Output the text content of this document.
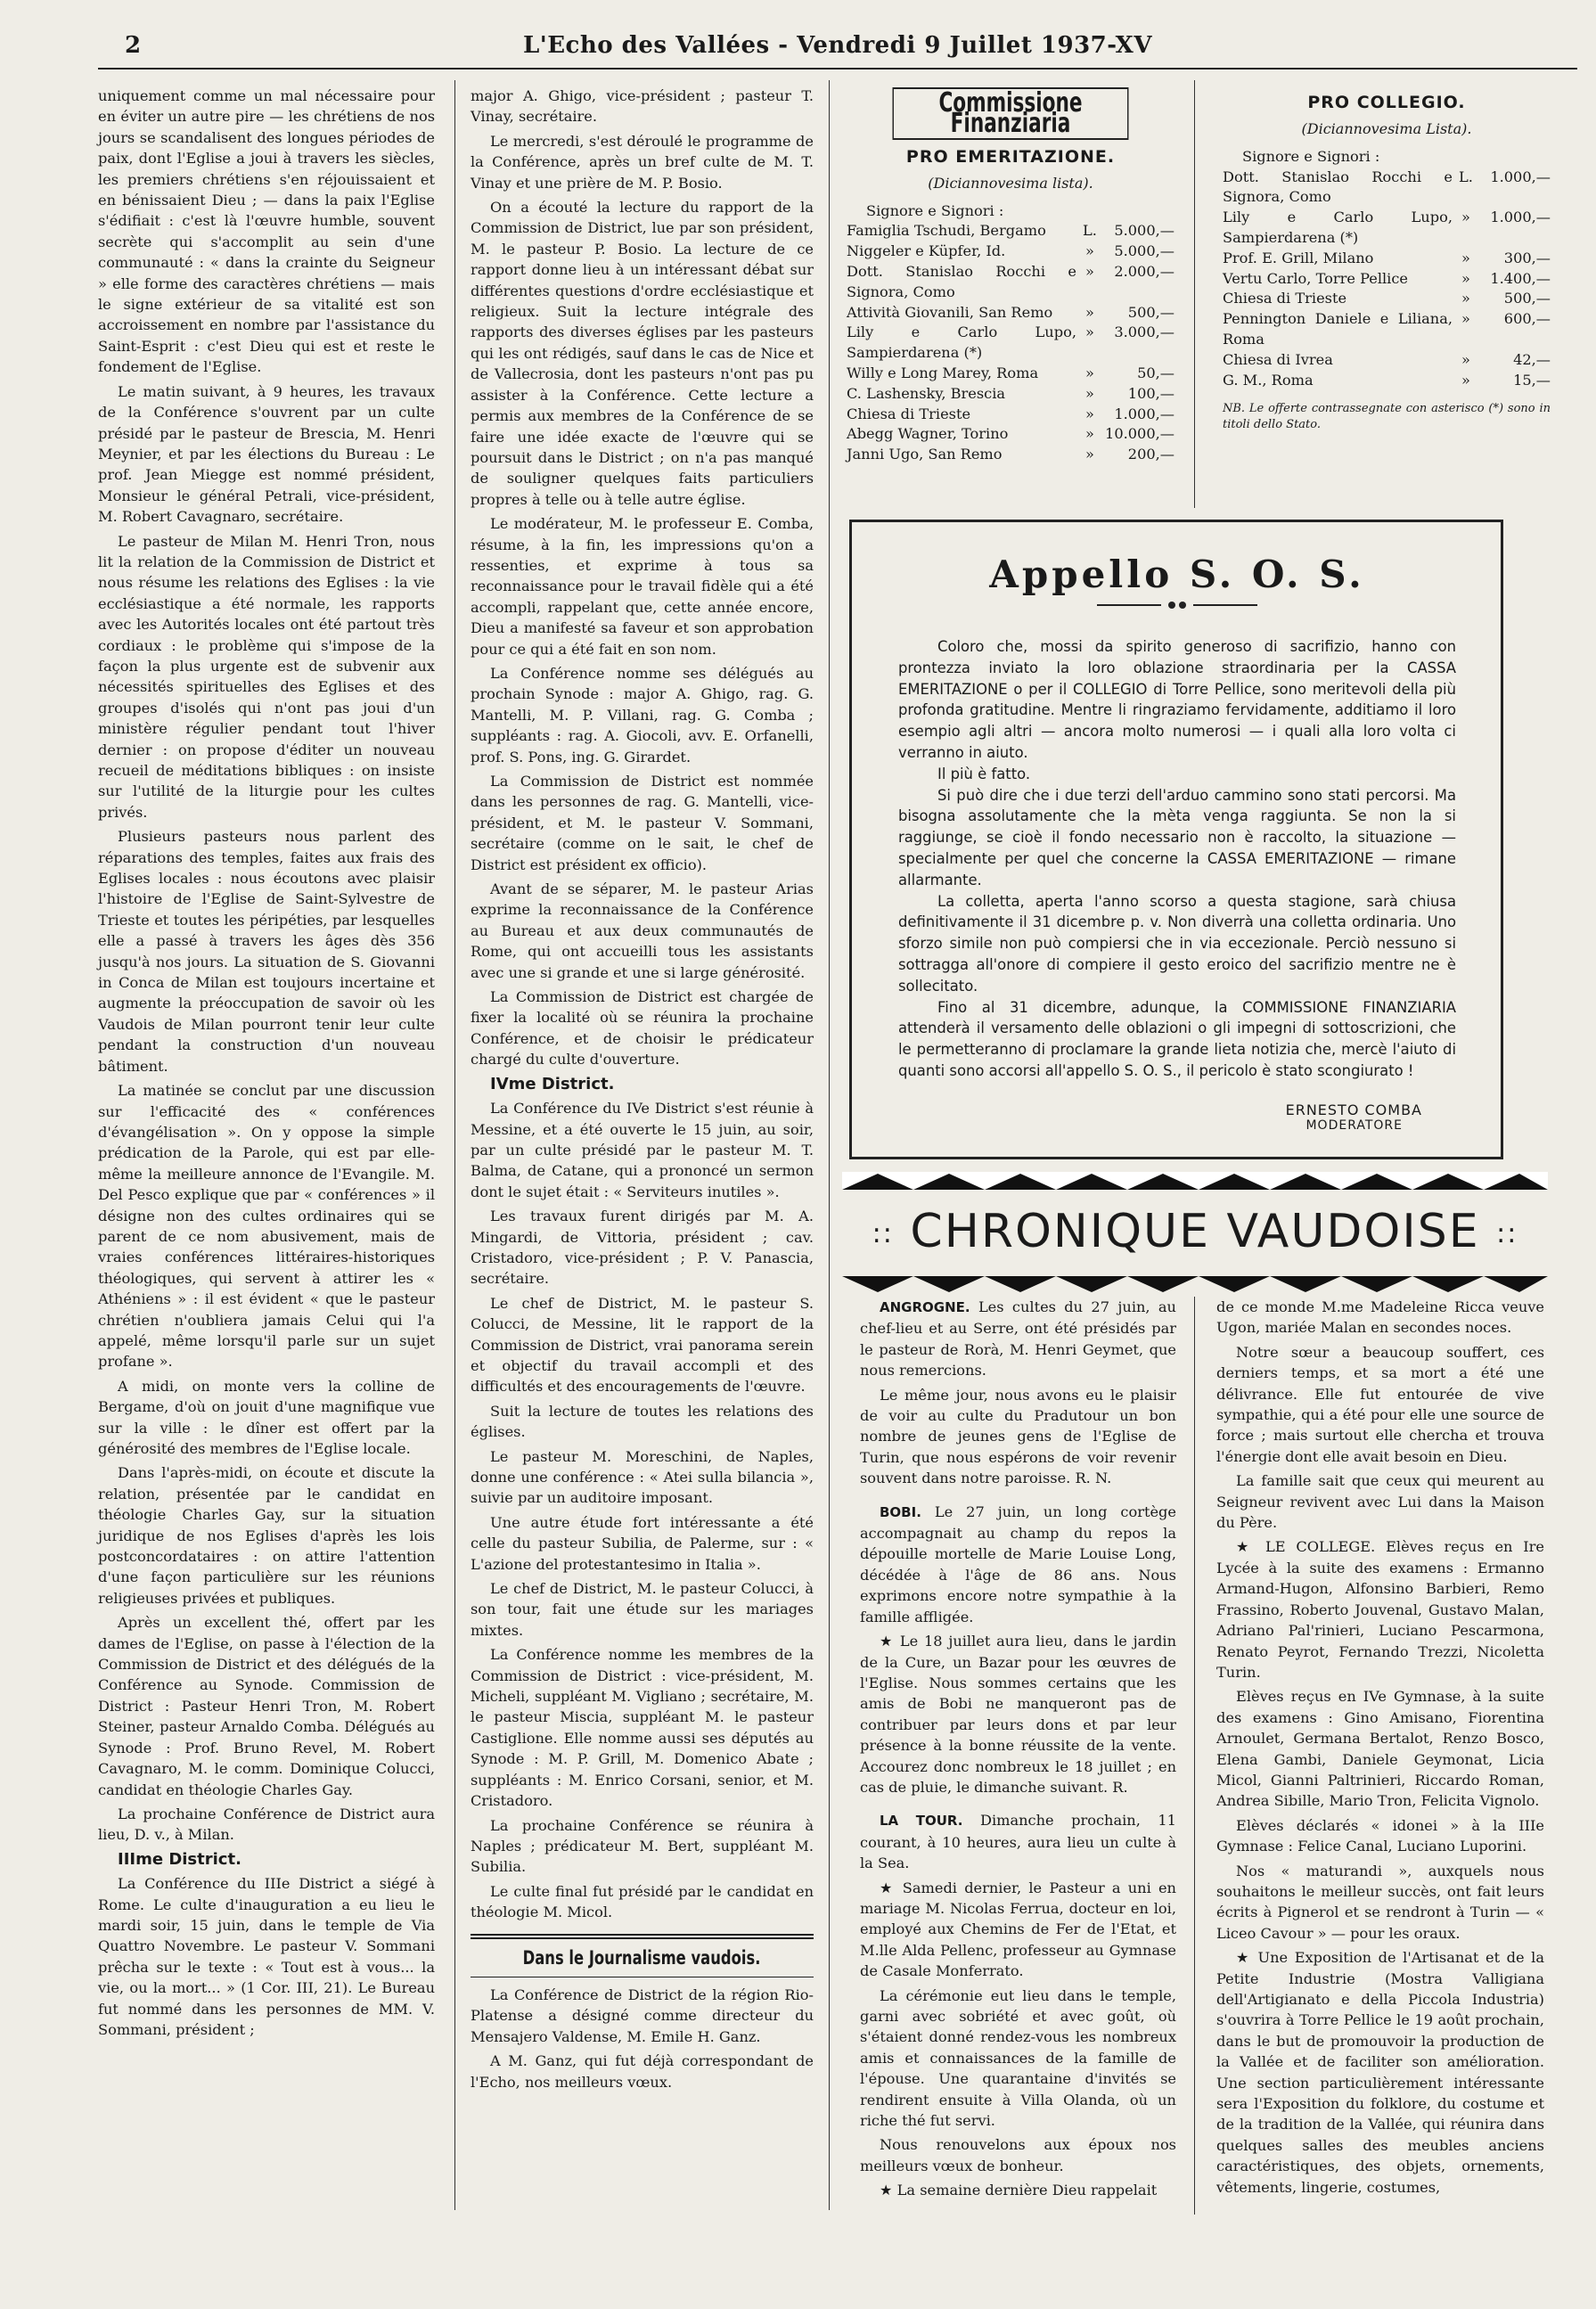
2	L'Echo des Vallées - Vendredi 9 Juillet 1937-XV

uniquement comme un mal nécessaire pour en éviter un autre pire — les chrétiens de nos jours se scandalisent des longues périodes de paix, dont l'Eglise a joui à travers les siècles, les premiers chrétiens s'en réjouissaient et en bénissaient Dieu ; — dans la paix l'Eglise s'édifiait : c'est là l'œuvre humble, souvent secrète qui s'accomplit au sein d'une communauté : « dans la crainte du Seigneur » elle forme des caractères chrétiens — mais le signe extérieur de sa vitalité est son accroissement en nombre par l'assistance du Saint-Esprit : c'est Dieu qui est et reste le fondement de l'Eglise.

Le matin suivant, à 9 heures, les travaux de la Conférence s'ouvrent par un culte présidé par le pasteur de Brescia, M. Henri Meynier, et par les élections du Bureau : Le prof. Jean Miegge est nommé président, Monsieur le général Petrali, vice-président, M. Robert Cavagnaro, secrétaire.

Le pasteur de Milan M. Henri Tron, nous lit la relation de la Commission de District et nous résume les relations des Eglises : la vie ecclésiastique a été normale, les rapports avec les Autorités locales ont été partout très cordiaux : le problème qui s'impose de la façon la plus urgente est de subvenir aux nécessités spirituelles des Eglises et des groupes d'isolés qui n'ont pas joui d'un ministère régulier pendant tout l'hiver dernier : on propose d'éditer un nouveau recueil de méditations bibliques : on insiste sur l'utilité de la liturgie pour les cultes privés.

Plusieurs pasteurs nous parlent des réparations des temples, faites aux frais des Eglises locales : nous écoutons avec plaisir l'histoire de l'Eglise de Saint-Sylvestre de Trieste et toutes les péripéties, par lesquelles elle a passé à travers les âges dès 356 jusqu'à nos jours. La situation de S. Giovanni in Conca de Milan est toujours incertaine et augmente la préoccupation de savoir où les Vaudois de Milan pourront tenir leur culte pendant la construction d'un nouveau bâtiment.

La matinée se conclut par une discussion sur l'efficacité des « conférences d'évangélisation ». On y oppose la simple prédication de la Parole, qui est par elle-même la meilleure annonce de l'Evangile. M. Del Pesco explique que par « conférences » il désigne non des cultes ordinaires qui se parent de ce nom abusivement, mais de vraies conférences littéraires-historiques théologiques, qui servent à attirer les « Athéniens » : il est évident « que le pasteur chrétien n'oubliera jamais Celui qui l'a appelé, même lorsqu'il parle sur un sujet profane ».

A midi, on monte vers la colline de Bergame, d'où on jouit d'une magnifique vue sur la ville : le dîner est offert par la générosité des membres de l'Eglise locale.

Dans l'après-midi, on écoute et discute la relation, présentée par le candidat en théologie Charles Gay, sur la situation juridique de nos Eglises d'après les lois postconcordataires : on attire l'attention d'une façon particulière sur les réunions religieuses privées et publiques.

Après un excellent thé, offert par les dames de l'Eglise, on passe à l'élection de la Commission de District et des délégués de la Conférence au Synode. Commission de District : Pasteur Henri Tron, M. Robert Steiner, pasteur Arnaldo Comba. Délégués au Synode : Prof. Bruno Revel, M. Robert Cavagnaro, M. le comm. Dominique Colucci, candidat en théologie Charles Gay.

La prochaine Conférence de District aura lieu, D. v., à Milan.

IIIme District.

La Conférence du IIIe District a siégé à Rome. Le culte d'inauguration a eu lieu le mardi soir, 15 juin, dans le temple de Via Quattro Novembre. Le pasteur V. Sommani prêcha sur le texte : « Tout est à vous... la vie, ou la mort... » (1 Cor. III, 21). Le Bureau fut nommé dans les personnes de MM. V. Sommani, président ;

major A. Ghigo, vice-président ; pasteur T. Vinay, secrétaire.

Le mercredi, s'est déroulé le programme de la Conférence, après un bref culte de M. T. Vinay et une prière de M. P. Bosio.

On a écouté la lecture du rapport de la Commission de District, lue par son président, M. le pasteur P. Bosio. La lecture de ce rapport donne lieu à un intéressant débat sur différentes questions d'ordre ecclésiastique et religieux. Suit la lecture intégrale des rapports des diverses églises par les pasteurs qui les ont rédigés, sauf dans le cas de Nice et de Vallecrosia, dont les pasteurs n'ont pas pu assister à la Conférence. Cette lecture a permis aux membres de la Conférence de se faire une idée exacte de l'œuvre qui se poursuit dans le District ; on n'a pas manqué de souligner quelques faits particuliers propres à telle ou à telle autre église.

Le modérateur, M. le professeur E. Comba, résume, à la fin, les impressions qu'on a ressenties, et exprime à tous sa reconnaissance pour le travail fidèle qui a été accompli, rappelant que, cette année encore, Dieu a manifesté sa faveur et son approbation pour ce qui a été fait en son nom.

La Conférence nomme ses délégués au prochain Synode : major A. Ghigo, rag. G. Mantelli, M. P. Villani, rag. G. Comba ; suppléants : rag. A. Giocoli, avv. E. Orfanelli, prof. S. Pons, ing. G. Girardet.

La Commission de District est nommée dans les personnes de rag. G. Mantelli, vice-président, et M. le pasteur V. Sommani, secrétaire (comme on le sait, le chef de District est président ex officio).

Avant de se séparer, M. le pasteur Arias exprime la reconnaissance de la Conférence au Bureau et aux deux communautés de Rome, qui ont accueilli tous les assistants avec une si grande et une si large générosité.

La Commission de District est chargée de fixer la localité où se réunira la prochaine Conférence, et de choisir le prédicateur chargé du culte d'ouverture.

IVme District.

La Conférence du IVe District s'est réunie à Messine, et a été ouverte le 15 juin, au soir, par un culte présidé par le pasteur M. T. Balma, de Catane, qui a prononcé un sermon dont le sujet était : « Serviteurs inutiles ».

Les travaux furent dirigés par M. A. Mingardi, de Vittoria, président ; cav. Cristadoro, vice-président ; P. V. Panascia, secrétaire.

Le chef de District, M. le pasteur S. Colucci, de Messine, lit le rapport de la Commission de District, vrai panorama serein et objectif du travail accompli et des difficultés et des encouragements de l'œuvre.

Suit la lecture de toutes les relations des églises.

Le pasteur M. Moreschini, de Naples, donne une conférence : « Atei sulla bilancia », suivie par un auditoire imposant.

Une autre étude fort intéressante a été celle du pasteur Subilia, de Palerme, sur : « L'azione del protestantesimo in Italia ».

Le chef de District, M. le pasteur Colucci, à son tour, fait une étude sur les mariages mixtes.

La Conférence nomme les membres de la Commission de District : vice-président, M. Micheli, suppléant M. Vigliano ; secrétaire, M. le pasteur Miscia, suppléant M. le pasteur Castiglione. Elle nomme aussi ses députés au Synode : M. P. Grill, M. Domenico Abate ; suppléants : M. Enrico Corsani, senior, et M. Cristadoro.

La prochaine Conférence se réunira à Naples ; prédicateur M. Bert, suppléant M. Subilia.

Le culte final fut présidé par le candidat en théologie M. Micol.

Dans le Journalisme vaudois.

La Conférence de District de la région Rio-Platense a désigné comme directeur du Mensajero Valdense, M. Emile H. Ganz.

A M. Ganz, qui fut déjà correspondant de l'Echo, nos meilleurs vœux.

Commissione Finanziaria
PRO EMERITAZIONE.
(Diciannovesima lista).
Signore e Signori :
Famiglia Tschudi, Bergamo	L.	5.000,—
Niggeler e Küpfer, Id.	»	5.000,—
Dott. Stanislao Rocchi e Signora, Como
»	2.000,—
Attività Giovanili, San Remo	»	500,—
Lily e Carlo Lupo, Sampierdarena (*)
»	3.000,—
Willy e Long Marey, Roma	»	50,—
C. Lashensky, Brescia	»	100,—
Chiesa di Trieste	»	1.000,—
Abegg Wagner, Torino	» 10.000,—
Janni Ugo, San Remo	»	200,—
PRO COLLEGIO.
(Diciannovesima Lista).
Signore e Signori :
Dott. Stanislao Rocchi e Signora, Como
L.	1.000,—
Lily e Carlo Lupo, Sampierdarena (*)
»	1.000,—
Prof. E. Grill, Milano	»	300,—
Vertu Carlo, Torre Pellice	»	1.400,—
Chiesa di Trieste	»	500,—
Pennington Daniele e Liliana, Roma
»	600,—
Chiesa di Ivrea	»	42,—
G. M., Roma	»	15,—
NB. Le offerte contrassegnate con asterisco (*) sono in titoli dello Stato.
Appello S. O. S.

Coloro che, mossi da spirito generoso di sacrifizio, hanno con prontezza inviato la loro oblazione straordinaria per la CASSA EMERITAZIONE o per il COLLEGIO di Torre Pellice, sono meritevoli della più profonda gratitudine. Mentre li ringraziamo fervidamente, additiamo il loro esempio agli altri — ancora molto numerosi — i quali alla loro volta ci verranno in aiuto.

Il più è fatto.

Si può dire che i due terzi dell'arduo cammino sono stati percorsi. Ma bisogna assolutamente che la mèta venga raggiunta. Se non la si raggiunge, se cioè il fondo necessario non è raccolto, la situazione — specialmente per quel che concerne la CASSA EMERITAZIONE — rimane allarmante.

La colletta, aperta l'anno scorso a questa stagione, sarà chiusa definitivamente il 31 dicembre p. v. Non diverrà una colletta ordinaria. Uno sforzo simile non può compiersi che in via eccezionale. Perciò nessuno si sottragga all'onore di compiere il gesto eroico del sacrifizio mentre ne è sollecitato.

Fino al 31 dicembre, adunque, la COMMISSIONE FINANZIARIA attenderà il versamento delle oblazioni o gli impegni di sottoscrizioni, che le permetteranno di proclamare la grande lieta notizia che, mercè l'aiuto di quanti sono accorsi all'appello S. O. S., il pericolo è stato scongiurato !

ERNESTO COMBA
MODERATORE
:: CHRONIQUE VAUDOISE ::

ANGROGNE. Les cultes du 27 juin, au chef-lieu et au Serre, ont été présidés par le pasteur de Rorà, M. Henri Geymet, que nous remercions.

Le même jour, nous avons eu le plaisir de voir au culte du Pradutour un bon nombre de jeunes gens de l'Eglise de Turin, que nous espérons de voir revenir souvent dans notre paroisse. R. N.

BOBI. Le 27 juin, un long cortège accompagnait au champ du repos la dépouille mortelle de Marie Louise Long, décédée à l'âge de 86 ans. Nous exprimons encore notre sympathie à la famille affligée.

★ Le 18 juillet aura lieu, dans le jardin de la Cure, un Bazar pour les œuvres de l'Eglise. Nous sommes certains que les amis de Bobi ne manqueront pas de contribuer par leurs dons et par leur présence à la bonne réussite de la vente. Accourez donc nombreux le 18 juillet ; en cas de pluie, le dimanche suivant. R.

LA TOUR. Dimanche prochain, 11 courant, à 10 heures, aura lieu un culte à la Sea.

★ Samedi dernier, le Pasteur a uni en mariage M. Nicolas Ferrua, docteur en loi, employé aux Chemins de Fer de l'Etat, et M.lle Alda Pellenc, professeur au Gymnase de Casale Monferrato.

La cérémonie eut lieu dans le temple, garni avec sobriété et avec goût, où s'étaient donné rendez-vous les nombreux amis et connaissances de la famille de l'épouse. Une quarantaine d'invités se rendirent ensuite à Villa Olanda, où un riche thé fut servi.

Nous renouvelons aux époux nos meilleurs vœux de bonheur.

★ La semaine dernière Dieu rappelait

de ce monde M.me Madeleine Ricca veuve Ugon, mariée Malan en secondes noces.

Notre sœur a beaucoup souffert, ces derniers temps, et sa mort a été une délivrance. Elle fut entourée de vive sympathie, qui a été pour elle une source de force ; mais surtout elle chercha et trouva l'énergie dont elle avait besoin en Dieu.

La famille sait que ceux qui meurent au Seigneur revivent avec Lui dans la Maison du Père.

★ LE COLLEGE. Elèves reçus en Ire Lycée à la suite des examens : Ermanno Armand-Hugon, Alfonsino Barbieri, Remo Frassino, Roberto Jouvenal, Gustavo Malan, Adriano Pal'rinieri, Luciano Pescarmona, Renato Peyrot, Fernando Trezzi, Nicoletta Turin.

Elèves reçus en IVe Gymnase, à la suite des examens : Gino Amisano, Fiorentina Arnoulet, Germana Bertalot, Renzo Bosco, Elena Gambi, Daniele Geymonat, Licia Micol, Gianni Paltrinieri, Riccardo Roman, Andrea Sibille, Mario Tron, Felicita Vignolo.

Elèves déclarés « idonei » à la IIIe Gymnase : Felice Canal, Luciano Luporini.

Nos « maturandi », auxquels nous souhaitons le meilleur succès, ont fait leurs écrits à Pignerol et se rendront à Turin — « Liceo Cavour » — pour les oraux.

★ Une Exposition de l'Artisanat et de la Petite Industrie (Mostra Valligiana dell'Artigianato e della Piccola Industria) s'ouvrira à Torre Pellice le 19 août prochain, dans le but de promouvoir la production de la Vallée et de faciliter son amélioration. Une section particulièrement intéressante sera l'Exposition du folklore, du costume et de la tradition de la Vallée, qui réunira dans quelques salles des meubles anciens caractéristiques, des objets, ornements, vêtements, lingerie, costumes,
